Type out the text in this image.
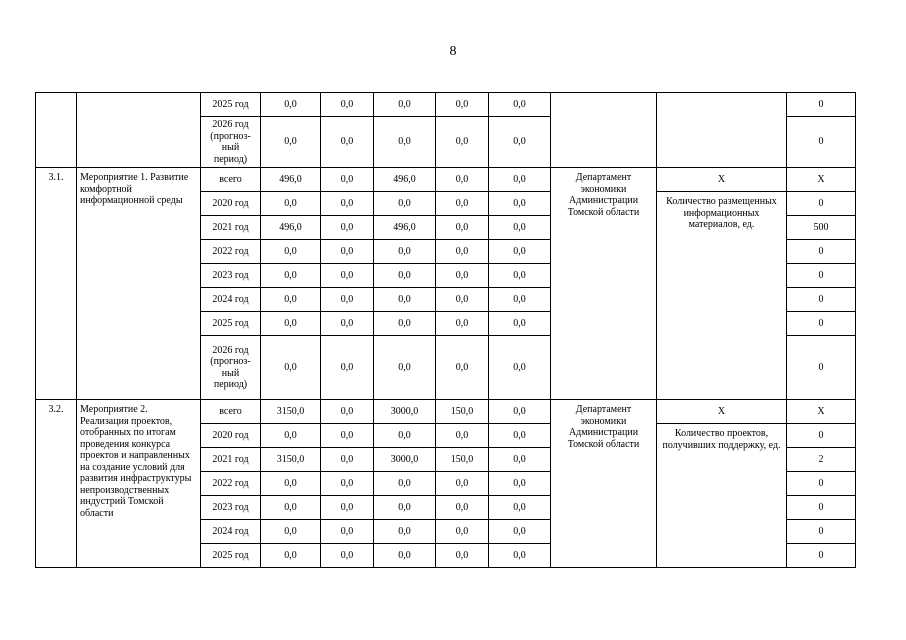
8
		2025 год	0,0	0,0	0,0	0,0	0,0			0
		2026 год (прогноз-ный период)	0,0	0,0	0,0	0,0	0,0			0
3.1.	Мероприятие 1. Развитие комфортной информационной среды	всего	496,0	0,0	496,0	0,0	0,0	Департамент экономики Администрации Томской области	Х	Х
		2020 год	0,0	0,0	0,0	0,0	0,0		Количество размещенных информационных материалов, ед.	0
		2021 год	496,0	0,0	496,0	0,0	0,0			500
		2022 год	0,0	0,0	0,0	0,0	0,0			0
		2023 год	0,0	0,0	0,0	0,0	0,0			0
		2024 год	0,0	0,0	0,0	0,0	0,0			0
		2025 год	0,0	0,0	0,0	0,0	0,0			0
		2026 год (прогноз-ный период)	0,0	0,0	0,0	0,0	0,0			0
3.2.	Мероприятие 2. Реализация проектов, отобранных по итогам проведения конкурса проектов и направленных на создание условий для развития инфраструктуры непроизводственных индустрий Томской области	всего	3150,0	0,0	3000,0	150,0	0,0	Департамент экономики Администрации Томской области	Х	Х
		2020 год	0,0	0,0	0,0	0,0	0,0		Количество проектов, получивших поддержку, ед.	0
		2021 год	3150,0	0,0	3000,0	150,0	0,0			2
		2022 год	0,0	0,0	0,0	0,0	0,0			0
		2023 год	0,0	0,0	0,0	0,0	0,0			0
		2024 год	0,0	0,0	0,0	0,0	0,0			0
		2025 год	0,0	0,0	0,0	0,0	0,0			0
